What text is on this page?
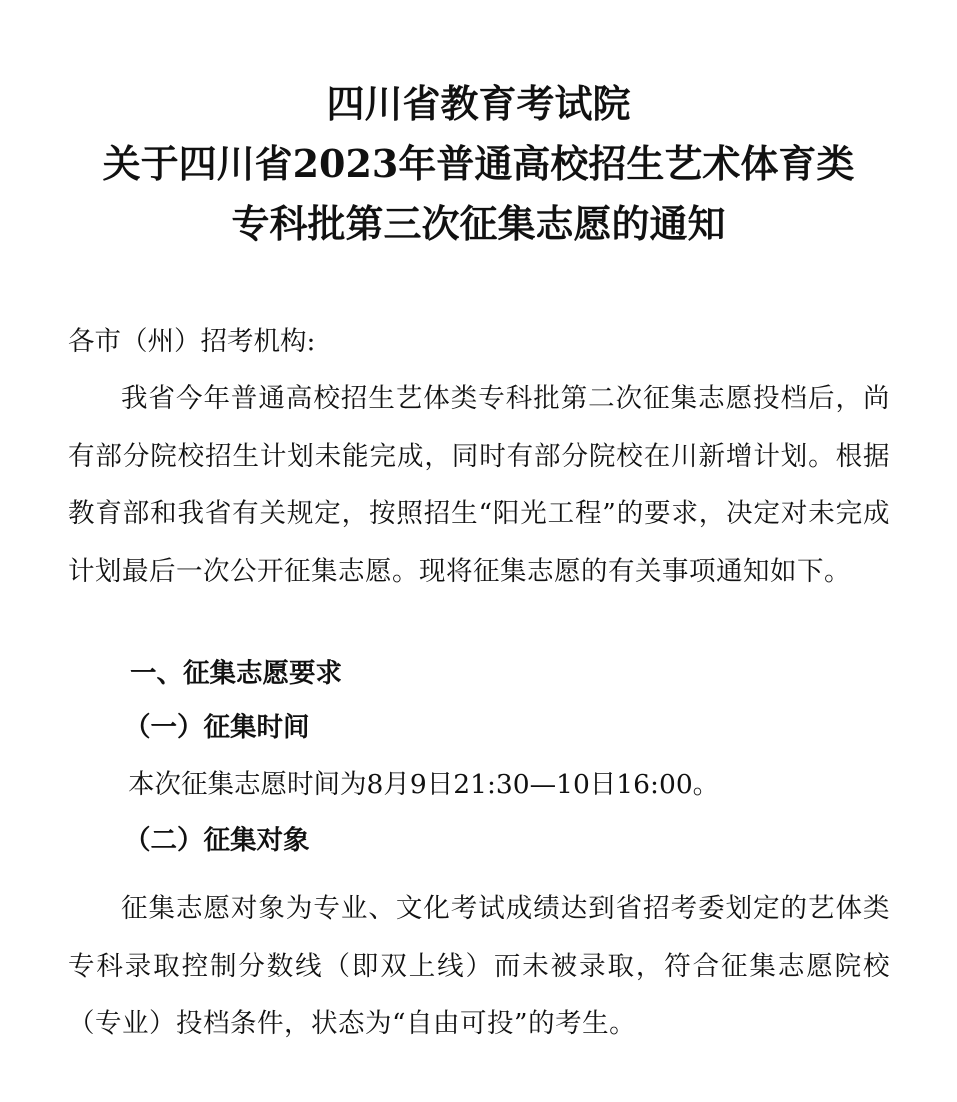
四川省教育考试院
关于四川省2023年普通高校招生艺术体育类
专科批第三次征集志愿的通知
各市（州）招考机构:
我省今年普通高校招生艺体类专科批第二次征集志愿投档后，尚有部分院校招生计划未能完成，同时有部分院校在川新增计划。根据教育部和我省有关规定，按照招生“阳光工程”的要求，决定对未完成计划最后一次公开征集志愿。现将征集志愿的有关事项通知如下。
一、征集志愿要求
（一）征集时间
本次征集志愿时间为8月9日21:30—10日16:00。
（二）征集对象
征集志愿对象为专业、文化考试成绩达到省招考委划定的艺体类专科录取控制分数线（即双上线）而未被录取，符合征集志愿院校（专业）投档条件，状态为“自由可投”的考生。
